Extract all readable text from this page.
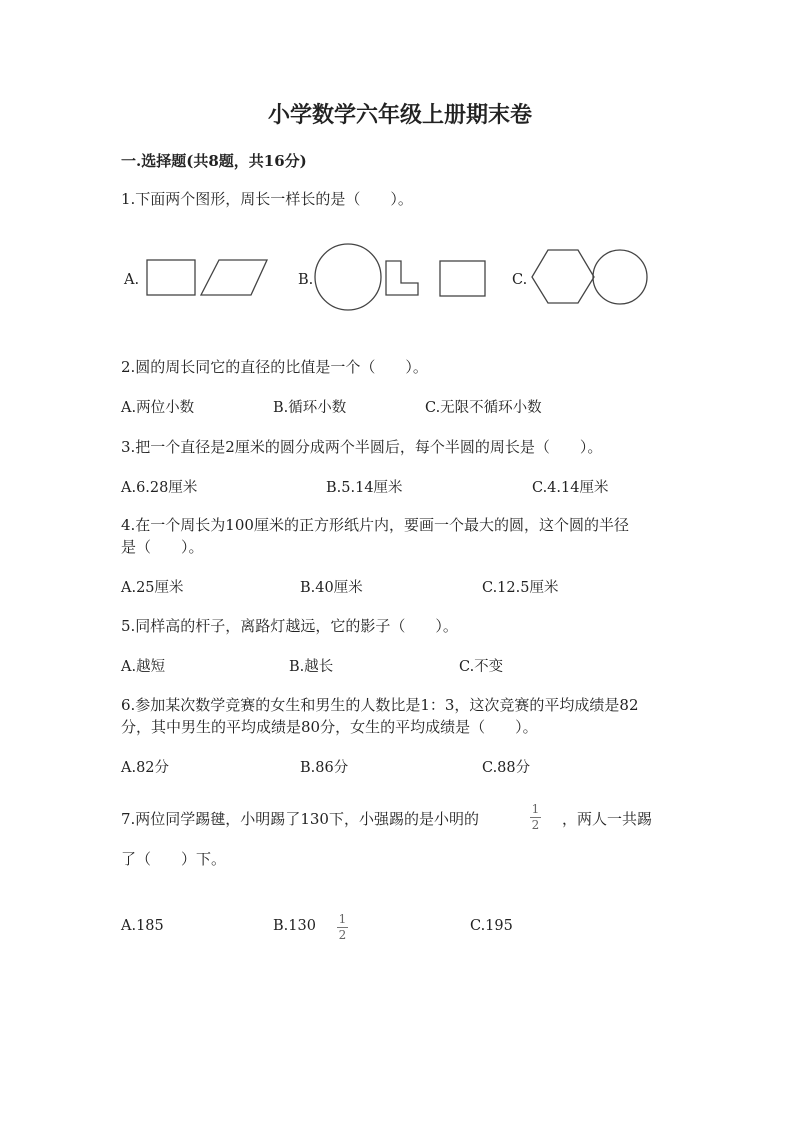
小学数学六年级上册期末卷
一.选择题(共8题，共16分)
1.下面两个图形，周长一样长的是（　　）。
A.	B.	C.
2.圆的周长同它的直径的比值是一个（　　）。
A.两位小数	B.循环小数	C.无限不循环小数
3.把一个直径是2厘米的圆分成两个半圆后，每个半圆的周长是（　　）。
A.6.28厘米	B.5.14厘米	C.4.14厘米
4.在一个周长为100厘米的正方形纸片内，要画一个最大的圆，这个圆的半径
是（　　）。
A.25厘米	B.40厘米	C.12.5厘米
5.同样高的杆子，离路灯越远，它的影子（　　）。
A.越短	B.越长	C.不变
6.参加某次数学竞赛的女生和男生的人数比是1：3，这次竞赛的平均成绩是82
分，其中男生的平均成绩是80分，女生的平均成绩是（　　）。
A.82分	B.86分	C.88分
7.两位同学踢毽，小明踢了130下，小强踢的是小明的
1
2 ，两人一共踢
了（　　）下。
A.185	B.130 1
2
C.195
